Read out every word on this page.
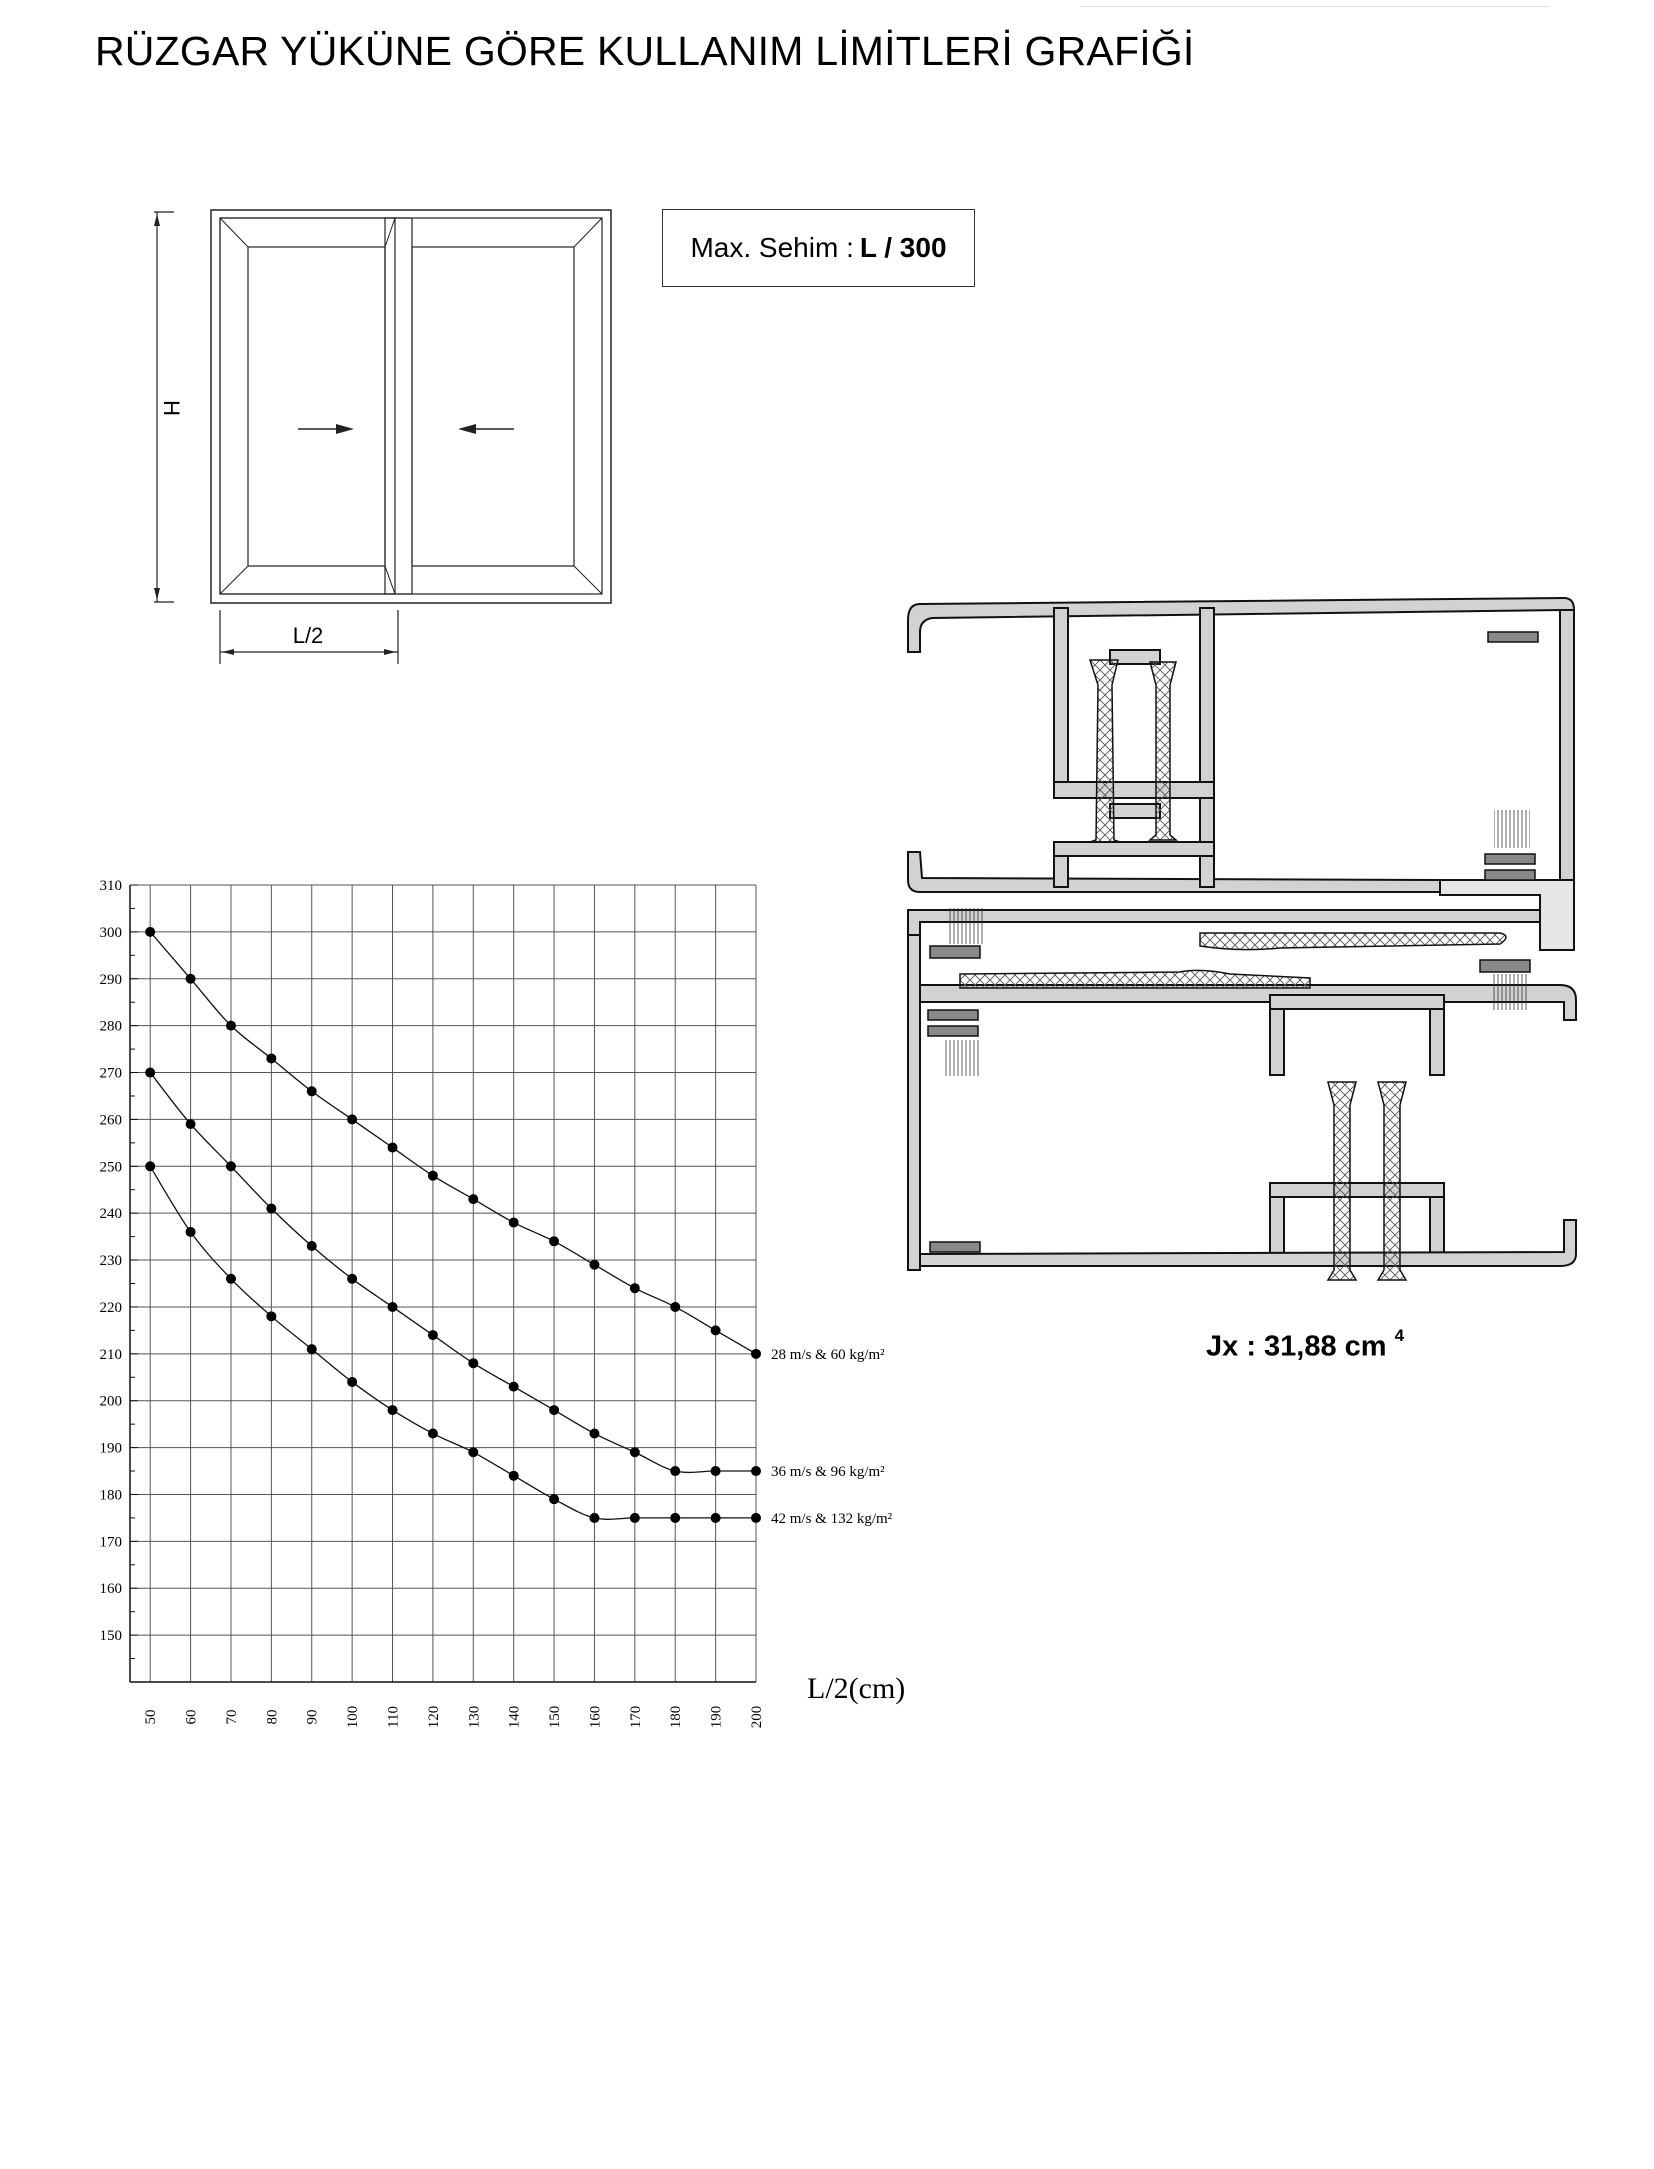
RÜZGAR YÜKÜNE GÖRE KULLANIM LİMİTLERİ GRAFİĞİ
H
L/2
Max. Sehim : L / 300
Jx : 31,88 cm $^4$
150
160
170
180
190
200
210
220
230
240
250
260
270
280
290
300
310
50 60 70 80 90 100 110 120 130 140 150 160 170 180 190 200
28 m/s & 60 kg/m²
36 m/s & 96 kg/m²
42 m/s & 132 kg/m²
L/2(cm)
